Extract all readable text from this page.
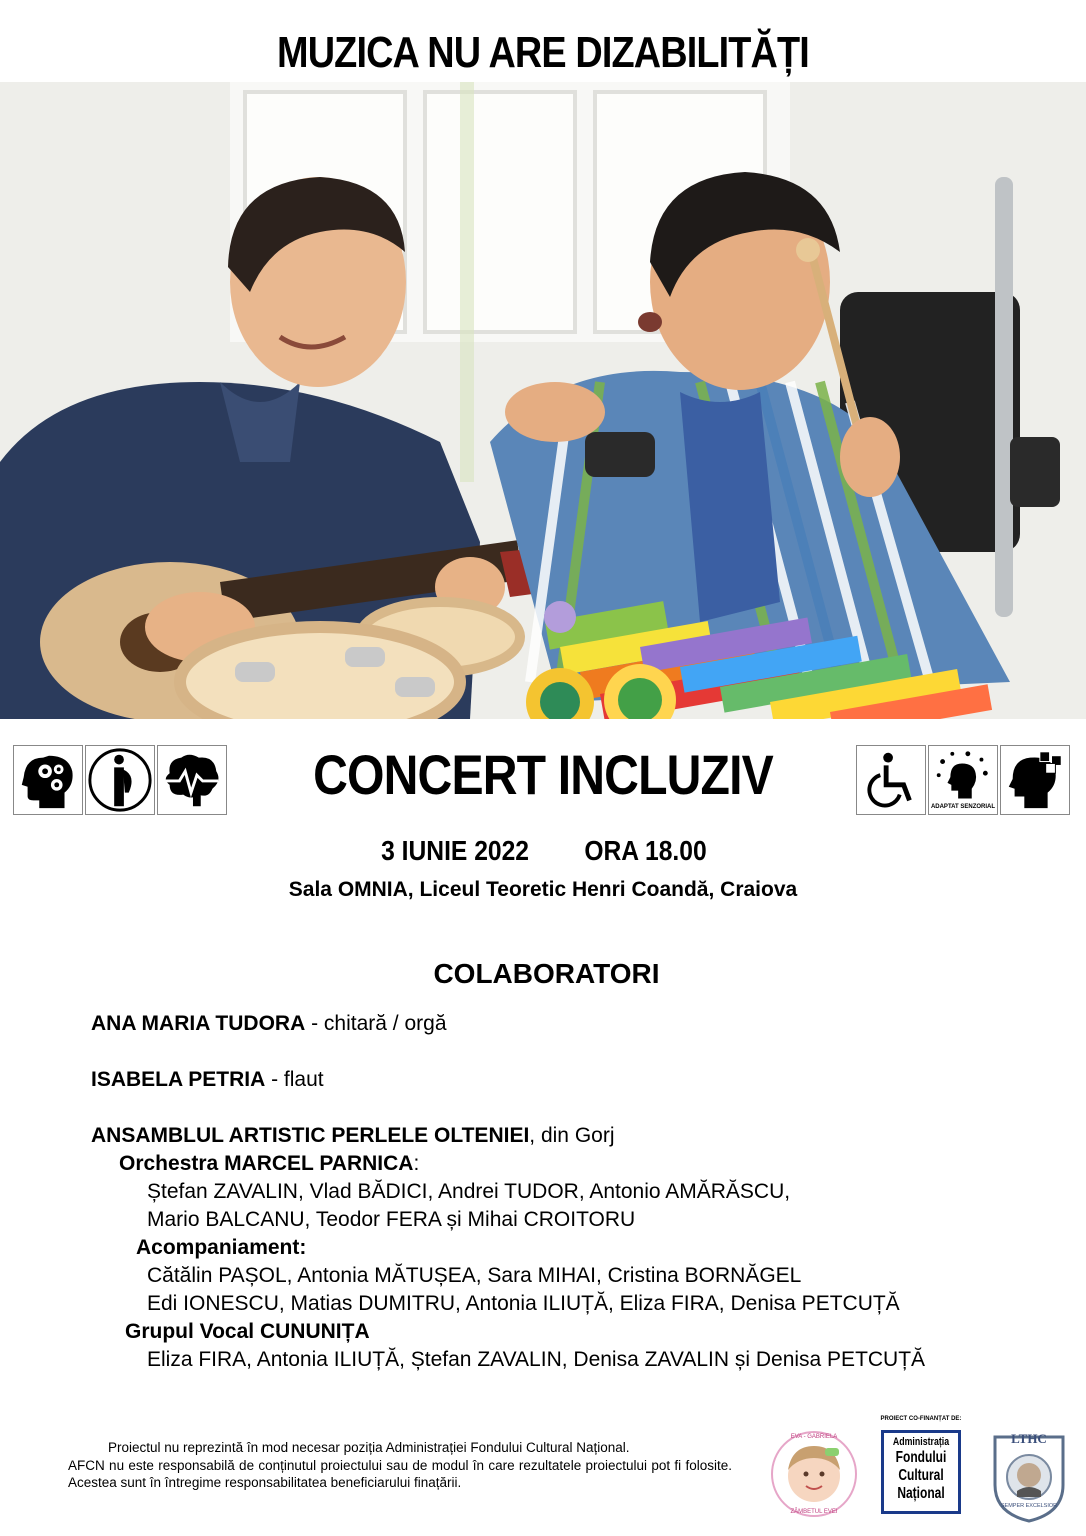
MUZICA NU ARE DIZABILITĂȚI
CONCERT INCLUZIV
ADAPTAT SENZORIAL
3 IUNIE 2022 ORA 18.00
Sala OMNIA, Liceul Teoretic Henri Coandă, Craiova
COLABORATORI
ANA MARIA TUDORA - chitară / orgă
ISABELA PETRIA - flaut
ANSAMBLUL ARTISTIC PERLELE OLTENIEI, din Gorj
Orchestra MARCEL PARNICA:
Ștefan ZAVALIN, Vlad BĂDICI, Andrei TUDOR, Antonio AMĂRĂSCU,
Mario BALCANU, Teodor FERA și Mihai CROITORU
Acompaniament:
Cătălin PAȘOL, Antonia MĂTUȘEA, Sara MIHAI, Cristina BORNĂGEL
Edi IONESCU, Matias DUMITRU, Antonia ILIUȚĂ, Eliza FIRA, Denisa PETCUȚĂ
Grupul Vocal CUNUNIȚA
Eliza FIRA, Antonia ILIUȚĂ, Ștefan ZAVALIN, Denisa ZAVALIN și Denisa PETCUȚĂ

Proiectul nu reprezintă în mod necesar poziția Administrației Fondului Cultural Național.

AFCN nu este responsabilă de conținutul proiectului sau de modul în care rezultatele proiectului pot fi folosite. Acestea sunt în întregime responsabilitatea beneficiarului finațării.
EVA - GABRIELA
ZÂMBETUL EVEI
PROIECT CO-FINANȚAT DE:
Administrația
Fondului
Cultural
Național
LTHC
SEMPER EXCELSIOR
